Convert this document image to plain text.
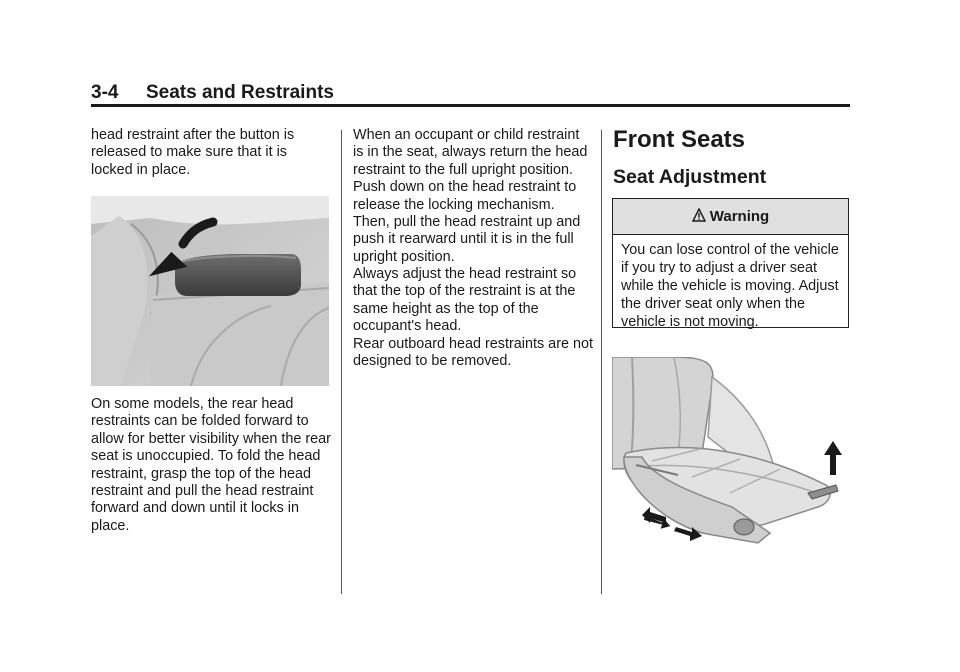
3-4 Seats and Restraints

head restraint after the button is released to make sure that it is locked in place.

On some models, the rear head restraints can be folded forward to allow for better visibility when the rear seat is unoccupied. To fold the head restraint, grasp the top of the head restraint and pull the head restraint forward and down until it locks in place.

When an occupant or child restraint is in the seat, always return the head restraint to the full upright position. Push down on the head restraint to release the locking mechanism. Then, pull the head restraint up and push it rearward until it is in the full upright position.

Always adjust the head restraint so that the top of the restraint is at the same height as the top of the occupant's head.

Rear outboard head restraints are not designed to be removed.

Front Seats
Seat Adjustment
Warning
You can lose control of the vehicle if you try to adjust a driver seat while the vehicle is moving. Adjust the driver seat only when the vehicle is not moving.
